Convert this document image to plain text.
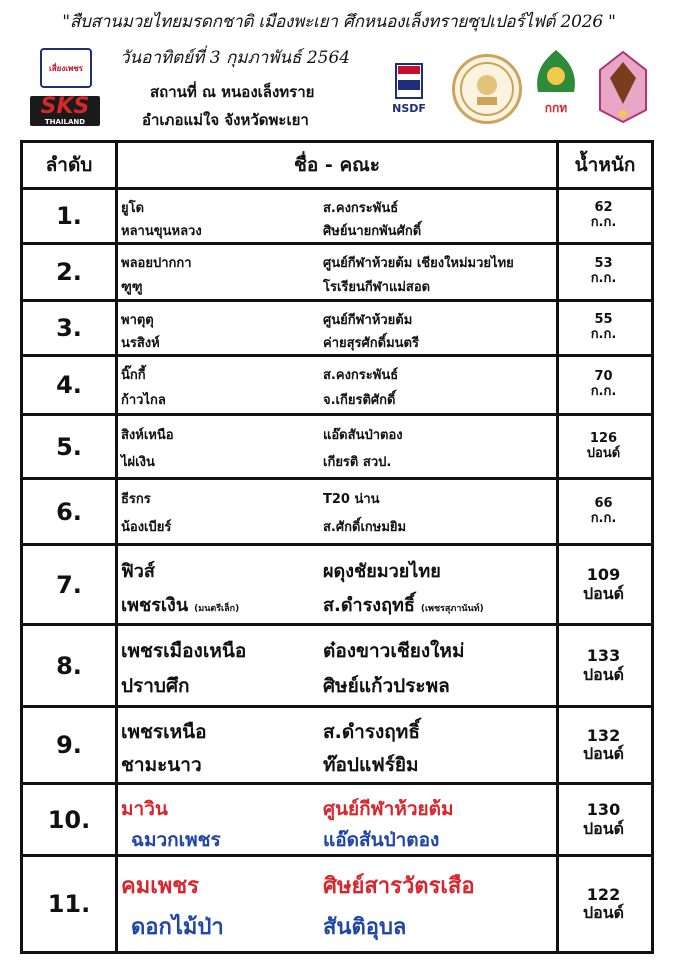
"สืบสานมวยไทยมรดกชาติ เมืองพะเยา ศึกหนองเล็งทรายซุปเปอร์ไฟต์ 2026 "
วันอาทิตย์ที่ 3 กุมภาพันธ์ 2564
สถานที่ ณ หนองเล็งทราย
อำเภอแม่ใจ จังหวัดพะเยา
เสี่ยงเพชร
SKS
THAILAND
NSDF	กกท
ลำดับ	ชื่อ - คณะ	น้ำหนัก
1.	ยูโด	ส.คงกระพันธ์
หลานขุนหลวง	ศิษย์นายกพันศักดิ์
62
ก.ก.
2.	พลอยปากกา	ศูนย์กีฬาห้วยต้ม เชียงใหม่มวยไทย
ฑูฑู	โรเรียนกีฬาแม่สอด
53
ก.ก.
3.	พาตุตุ	ศูนย์กีฬาห้วยต้ม
นรสิงห์	ค่ายสุรศักดิ์มนตรี
55
ก.ก.
4.	นิ๊กกี้	ส.คงกระพันธ์
ก้าวไกล	จ.เกียรติศักดิ์
70
ก.ก.
5.	สิงห์เหนือ	แอ๊ดสันป่าตอง
ไผ่เงิน	เกียรติ สวป.
126
ปอนด์
6.	ธีรกร	T20 น่าน
น้องเบียร์	ส.ศักดิ์เกษมยิม
66
ก.ก.
7.	ฟิวส์	ผดุงชัยมวยไทย
เพชรเงิน (มนตรีเล็ก)	ส.ดำรงฤทธิ์ (เพชรสุภานันท์)
109
ปอนด์
8.
เพชรเมืองเหนือ	ต๋องขาวเชียงใหม่
ปราบศึก	ศิษย์แก้วประพล
133
ปอนด์
9.	เพชรเหนือ	ส.ดำรงฤทธิ์
ชามะนาว	ท๊อปแฟร์ยิม
132
ปอนด์
10.	มาวิน	ศูนย์กีฬาห้วยต้ม
ฉมวกเพชร	แอ๊ดสันป่าตอง
130
ปอนด์
11.
คมเพชร	ศิษย์สารวัตรเสือ
ดอกไม้ป่า	สันติอุบล
122
ปอนด์
